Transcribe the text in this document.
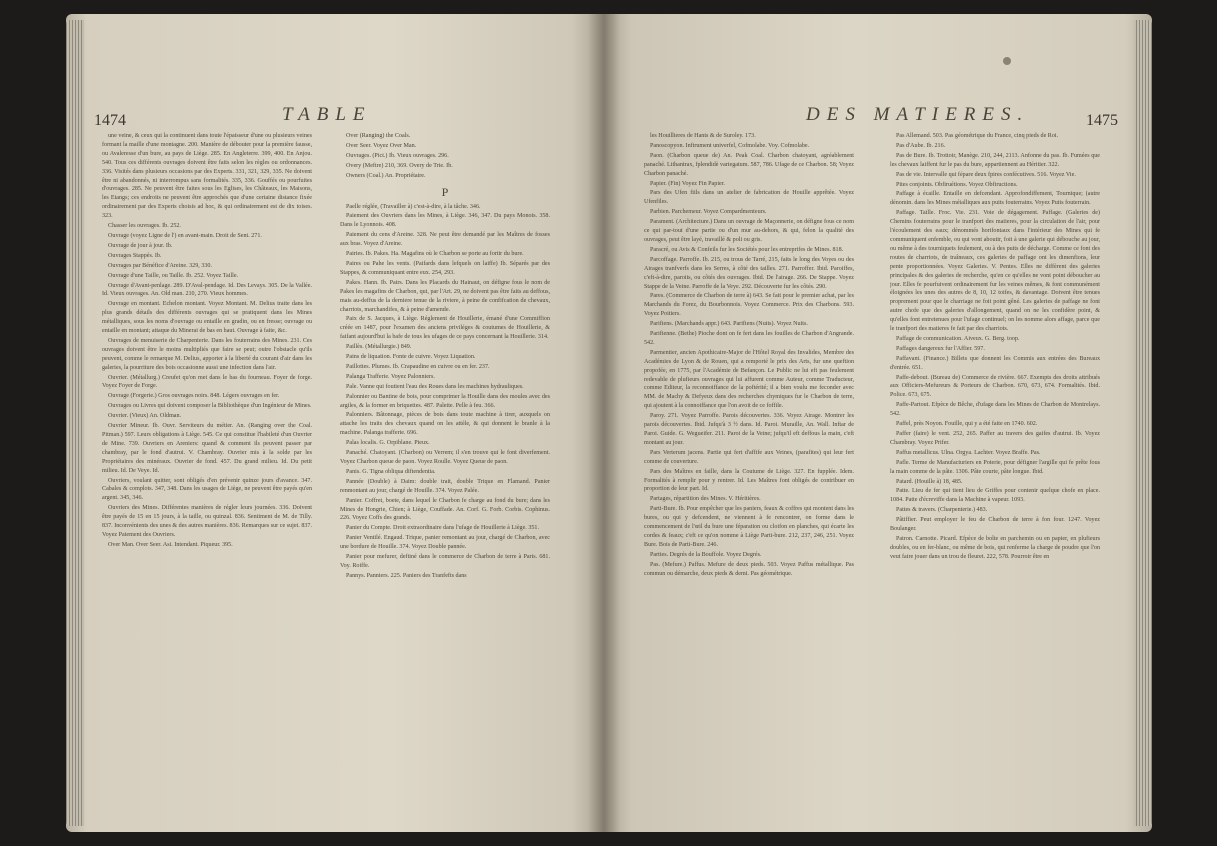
1474	TABLE

une veine, & ceux qui la continuent dans toute l'épaisseur d'une ou plusieurs veines formant la maille d'une montagne. 200. Manière de débouter pour la première fausse, ou Avaleresse d'un bure, au pays de Liège. 285. En Angleterre. 399, 400. En Anjou. 540. Tous ces différents ouvrages doivent être faits selon les règles ou ordonnances. 336. Visités dans plusieurs occasions par des Experts. 331, 321, 329, 335. Ne doivent être ni abandonnés, ni interrompus sans formalités. 335, 336. Gouffés ou pourfuites d'ouvrages. 285. Ne peuvent être faites sous les Eglises, les Châteaux, les Maisons, les Etangs; ces endroits ne peuvent être approchés que d'une certaine distance fixée ordinairement par des Experts choisis ad hoc, & qui ordinairement est de dix toises. 323.

Chasser les ouvrages. Ib. 252.

Ouvrage (voyez Ligne de l') en avant-main. Droit de Sent. 271.

Ouvrage de jour à jour. Ib.

Ouvrages Stappés. Ib.

Ouvrages par Bénéfice d'Areine. 329, 330.

Ouvrage d'une Taille, ou Taille. Ib. 252. Voyez Taille.

Ouvrage d'Avant-penlage. 289. D'Aval-pendage. Id. Des Levays. 305. De la Vallée. Id. Vieux ouvrages. An. Old man. 210, 270. Vieux hommes.

Ouvrage en montant. Echelon montant. Voyez Montant. M. Delius traite dans les plus grands détails des différents ouvrages qui se pratiquent dans les Mines métalliques, sous les noms d'ouvrage ou entaille en gradin, ou en fresse; ouvrage ou entaille en montant; attaque du Minerai de bas en haut. Ouvrage à faite, &c.

Ouvrages de menuiserie de Charpenterie. Dans les fouterrains des Mines. 231. Ces ouvrages doivent être le moins multipliés que faire se peut; outre l'obstacle qu'ils peuvent, comme le remarque M. Delius, apporter à la liberté du courant d'air dans les galeries, la pourriture des bois occasionne aussi une infection dans l'air.

Ouvrier. (Métallurg.) Creufet qu'on met dans le bas du fourneau. Foyer de forge. Voyez Foyer de Forge.

Ouvrage (Forgerie.) Gros ouvrages noirs. 848. Légers ouvrages en fer.

Ouvrages ou Livres qui doivent composer la Bibliothèque d'un Ingénieur de Mines.

Ouvrier. (Vieux) An. Oldman.

Ouvrier Mineur. Ib. Ouvr. Serviteurs du métier. An. (Ranging over the Coal. Pitman.) 597. Leurs obligations à Liège. 545. Ce qui constitue l'habileté d'un Ouvrier de Mine. 739. Ouvriers en Areniers: quand & comment ils peuvent passer par chambray, par le fond d'autrui. V. Chambray. Ouvrier mis à la solde par les Propriétaires des minéraux. Ouvrier de fond. 457. Du grand milieu. Id. Du petit milieu. Id. De Veye. Id.

Ouvriers, voulant quitter, sont obligés d'en prévenir quinze jours d'avance. 347. Cabales & complots. 347, 348. Dans les usages de Liège, ne peuvent être payés qu'en argent. 345, 346.

Ouvriers des Mines. Différentes manières de régler leurs journées. 336. Doivent être payés de 15 en 15 jours, à la taille, ou quinzal. 836. Sentiment de M. de Tilly. 837. Inconvénients des unes & des autres manières. 836. Remarques sur ce sujet. 837. Voyez Paiement des Ouvriers.

Over Man. Over Seer. Asi. Intendant. Piqueur. 395.

Over (Ranging) the Coals.

Over Seer. Voyez Over Man.

Ouvrages. (Pict.) Ib. Vieux ouvrages. 296.

Overy (Meftre) 210, 369. Overy de Trie. Ib.

Owners (Coal.) An. Propriétaire.

P

Paelle réglée, (Travailler à) c'est-à-dire, à la tâche. 346.

Paiement des Ouvriers dans les Mines, à Liège. 346, 347. Du pays Monois. 358. Dans le Lyonnois. 408.

Paiement du cens d'Areine. 328. Ne peut être demandé par les Maîtres de fosses aux bras. Voyez d'Areine.

Pairies. Ib. Pakes. Ha. Magafins où le Charbon se porte au fortir du bure.

Paires ou Pahe les vents. (Paifards dans lefquels on laiffe) Ib. Séparés par des Stappes, & communiquant entre eux. 254, 293.

Pakes. Hann. Ib. Pairs. Dans les Placards du Hainaut, on défigne fous le nom de Pakes les magafins de Charbon, qui, par l'Art. 29, ne doivent pas être faits au deffous, mais au-deffus de la derniere tenue de la riviere, à peine de confifcation de chevaux, charriots, marchandifes, & à peine d'amende.

Paix de S. Jacques, à Liège. Réglement de Houillerie, émané d'une Commiffion créée en 1487, pour l'examen des anciens priviléges & coutumes de Houillerie, & faifant aujourd'hui la bafe de tous les ufages de ce pays concernant la Houillerie. 314.

Paillès. (Métallurgie.) 849.

Pains de liquation. Fonte de cuivre. Voyez Liquation.

Paillottes. Plumes. Ib. Crapaudine en cuivre ou en fer. 237.

Palanga Trafferie. Voyez Palonniers.

Pale. Vanne qui foutient l'eau des Roues dans les machines hydrauliques.

Palonnier ou Bantine de bois, pour comprimer la Houille dans des moules avec des argiles, & la former en briquettes. 487. Palette. Pelle à feu. 366.

Palonniers. Bâtonnage, pièces de bois dans toute machine à tirer, auxquels on attache les traits des chevaux quand on les attèle, & qui donnent le branle à la machine. Palanga trafferie. 696.

Palas localis. G. Orpiblane. Pieux.

Panaché. Chatoyant. (Charbon) ou Verrem; il s'en trouve qui le font diverfement. Voyez Charbon queue de paon. Voyez Roulle. Voyez Queue de paon.

Panis. G. Tigna obliqua diftendentia.

Pannée (Double) à Daim: double trait, double Trique en Flamand. Panier renmontant au jour, chargé de Houille. 374. Voyez Palée.

Panier. Coffret, boete, dans lequel le Charbon fe charge au fond du bure; dans les Mines de Hongrie, Chien; à Liège, Couffade. An. Corf. G. Forb. Corbis. Cophinus. 226. Voyez Coffs des grands.

Panier du Compte. Droit extraordinaire dans l'ufage de Houillerie à Liège. 351.

Panier Ventilé. Engaud. Trique, panier remontant au jour, chargé de Charbon, avec une bordure de Houille. 374. Voyez Double pannée.

Panier pour mefurer, deftiné dans le commerce de Charbon de terre à Paris. 681. Voy. Roiffe.

Pannys. Panniers. 225. Paniers des Tranfefts dans

1475
DES MATIERES.

les Houillieres de Hants & de Suroley. 173.

Panoscopyon. Inftrument univerfel, Cofmolabe. Voy. Cofmolabe.

Paon. (Charbon queue de) An. Peak Coal. Charbon chatoyant, agréablement panaché. Lithantrax, fplendidè variegatum. 587, 786. Ufage de ce Charbon. 58; Voyez Charbon panaché.

Papier. (Fin) Voyez Fin Papier.

Pars des Ufen fiils dans un atelier de fabrication de Houille apprêtée. Voyez Ufenfiles.

Parbien. Parchemeur. Voyez Compardmenteurs.

Parament. (Architecture.) Dans un ouvrage de Maçonnerie, on défigne fous ce nom ce qui par-tout d'une partie ou d'un mur au-dehors, & qui, felon la qualité des ouvrages, peut être layé, travaillé & poli ou gris.

Paracré, ou Avis & Confeils fur les Sociétés pour les entreprifes de Mines. 818.

Parcoffage. Parroffe. Ib. 215, ou trous de Tarré, 215, faits le long des Voyes ou des Airages tranfverfs dans les Serres, à côté des tailles. 271. Parroffer. Ibid. Paroiffes, c'eft-à-dire, paroits, ou côtés des ouvrages. Ibid. De l'airage. 266. De Stappe. Voyez Stappe de la Veine. Parroffe de la Veye. 292. Découverte fur les côtés. 290.

Pares. (Commerce de Charbon de terre à) 643. Se fait pour le premier achat, par les Marchands du Forez, du Bourbonnois. Voyez Commerce. Prix des Charbons. 593. Voyez Poitiers.

Parifiens. (Marchands appr.) 643. Parifiens (Nuits). Voyez Nuits.

Parifienne. (Bethe) Pioche dont on fe fert dans les fouilles de Charbon d'Angrande. 542.

Parmentier, ancien Apothicaire-Major de l'Hôtel Royal des Invalides, Membre des Académies de Lyon & de Rouen, qui a remporté le prix des Arts, fur une queftion propofée, en 1775, par l'Académie de Befançon. Le Public ne lui eft pas feulement redevable de plufieurs ouvrages qui lui affurent comme Auteur, comme Traducteur, comme Editeur, la reconnoiffance de la poftérité; il a bien voulu me feconder avec MM. de Machy & Defyeux dans des recherches chymiques fur le Charbon de terre, qui ajoutent à la connoiffance que l'on avoit de ce foffile.

Paroy. 271. Voyez Parroffe. Parois découvertes. 336. Voyez Airage. Montrer les parois découvertes. Ibid. Jufqu'à 3 ½ dans. Id. Paroi. Muraille, An. Wall. Inftar de Paroi. Guide. G. Wegueifer. 211. Paroi de la Veine; jufqu'il eft deffous la main, c'eft montant au jour.

Pars Verterum jacens. Partie qui fert d'affife aux Veines, (parafites) qui leur fert comme de couverture.

Pars des Maîtres en faille, dans la Coutume de Liège. 327. En fupplée. Idem. Formalités à remplir pour y rentrer. Id. Les Maîtres font obligés de contribuer en proportion de leur part. Id.

Partages, répartition des Mines. V. Héritières.

Parti-Bure. Ib. Pour empêcher que les paniers, feaux & coffres qui montent dans les bures, ou qui y defcendent, ne viennent à fe rencontrer, on forme dans le commencement de l'œil du bure une féparation ou cloifon en planches, qui écarte les cordes & feaux; c'eft ce qu'on nomme à Liège Parti-bure. 212, 237, 246, 251. Voyez Bure. Bois de Parti-Bure. 246.

Parties. Degrés de la Bouffole. Voyez Degrés.

Pas. (Mefure.) Paffus. Mefure de deux pieds. 503. Voyez Paffus métallique. Pas commun ou démarche, deux pieds & demi. Pas géométrique.

Pas Allemand. 503. Pas géométrique du France, cinq pieds de Roi.

Pas d'Aube. Ib. 216.

Pas de Bure. Ib. Trottoir, Manège. 210, 244, 2113. Anfonne du pas. Ib. Fumées que les chevaux laiffent fur le pas du bure, appartiennent au Héritier. 322.

Pas de vie. Intervalle qui fépare deux fpires confécutives. 516. Voyez Vie.

Pites conjoints. Obfiruétions. Voyez Obfiructions.

Paffage à écaille. Entaille en defcendant. Approfondiffement, Tournique; (autre dénomin. dans les Mines métalliques aux puits fouterrains. Voyez Puits fouterrain.

Paffage. Taille. Froc. Vie. 231. Voie de dégagement. Paffage. (Galeries de) Chemins fouterrains pour le tranfport des matieres, pour la circulation de l'air, pour l'écoulement des eaux; dénommés horifontaux dans l'intérieur des Mines qui fe communiquent enfemble, ou qui vont aboutir, foit à une galerie qui débouche au jour, ou même à des tourniquets feulement, ou à des puits de décharge. Comme ce font des routes de charriots, de traîneaux, ces galeries de paffage ont les dimenfions, leur pente proportionnées. Voyez Galeries. V. Pentes. Elles ne diffèrent des galeries principales & des galeries de recherche, qu'en ce qu'elles ne vont point déboucher au jour. Elles fe pourfuivent ordinairement fur les veines mêmes, & font communément éloignées les unes des autres de 8, 10, 12 toifes, & davantage. Doivent être tenues proprement pour que le charriage ne foit point gêné. Les galeries de paffage ne font autre chofe que des galeries d'allongement, quand on ne les confidère point, & qu'elles font entretenues pour l'ufage continuel; on les nomme alors affage, parce que le tranfport des matieres fe fait par des charriots.

Paffage de communication. Aiveux. G. Berg. toop.

Paffages dangereux fur l'Affier. 597.

Paffavant. (Finance.) Billets que donnent les Commis aux entrées des Bureaux d'entrée. 651.

Paffe-debout. (Bureau de) Commerce de rivière. 667. Exempts des droits attribués aux Officiers-Mefureurs & Porteurs de Charbon. 670, 673, 674. Formalités. Ibid. Police. 673, 675.

Paffe-Partout. Efpèce de Bêche, d'ufage dans les Mines de Charbon de Montrelays. 542.

Paffel, près Noyon. Fouille, qui y a été faite en 1740. 602.

Paffer (faire) le vent. 252, 265. Paffer au travers des gaifes d'autrui. Ib. Voyez Chambray. Voyez Prifer.

Paffus metallicus. Ulna. Orgya. Lachter. Voyez Braffe. Pas.

Pafle. Terme de Manufacturiers en Poterie, pour défigner l'argille qui fe prête fous la main comme de la pâte. 1306. Pâte courte, pâte longue. Ibid.

Patard. (Houille à) 18, 485.

Patte. Lieu de fer qui tient lieu de Griffes pour contenir quelque chofe en place. 1084. Patte d'écreviffe dans la Machine à vapeur. 1093.

Pattes & travers. (Charpenterie.) 483.

Pâtiffier. Peut employer le feu de Charbon de terre à fon four. 1247. Voyez Boulanger.

Patron. Carnotte. Picard. Efpèce de boîte en parchemin ou en papier, en plufieurs doubles, ou en fer-blanc, ou même de bois, qui renferme la charge de poudre que l'on veut faire jouer dans un trou de fleuret. 222, 578. Pourroir être en
